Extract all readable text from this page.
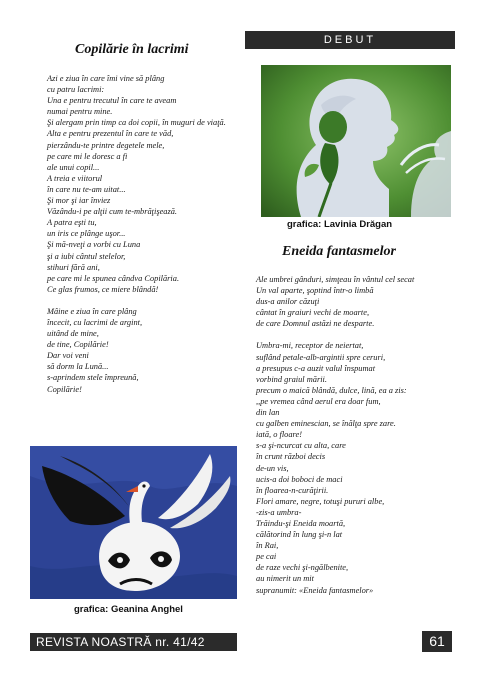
DEBUT
Copilărie în lacrimi
Azi e ziua în care îmi vine să plâng
cu patru lacrimi:
Una e pentru trecutul în care te aveam
numai pentru mine.
Şi alergam prin timp ca doi copii, în muguri de viaţă.
Alta e pentru prezentul în care te văd,
pierzându-te printre degetele mele,
pe care mi le doresc a fi
ale unui copil...
A treia e viitorul
în care nu te-am uitat...
Şi mor şi iar înviez
Văzându-i pe alţii cum te-mbrăţişează.
A patra eşti tu,
un iris ce plânge uşor...
Şi mă-nveţi a vorbi cu Luna
şi a iubi cântul stelelor,
stihuri fără ani,
pe care mi le spunea cândva Copilăria.
Ce glas frumos, ce miere blândă!
Mâine e ziua în care plâng
încecit, cu lacrimi de argint,
uitând de mine,
de tine, Copilărie!
Dar voi veni
să dorm la Lună...
s-aprindem stele împreună,
Copilărie!
grafica: Lavinia Drăgan
Eneida fantasmelor
Ale umbrei gânduri, simţeau în vântul cel secat
Un val aparte, şoptind într-o limbă
dus-a anilor căzuţi
cântat în graiuri vechi de moarte,
de care Domnul astăzi ne desparte.
Umbra-mi, receptor de neiertat,
suflând petale-alb-argintii spre ceruri,
a presupus c-a auzit valul înspumat
vorbind graiul mării.
precum o maică blândă, dulce, lină, ea a zis:
,,pe vremea când aerul era doar fum,
din lan
cu galben eminescian, se înălţa spre zare.
iată, o floare!
s-a şi-ncurcat cu alta, care
în crunt război decis
de-un vis,
ucis-a doi boboci de maci
în floarea-n-curăţirii.
Flori amare, negre, totuşi pururi albe,
-zis-a umbra-
Trăindu-şi Eneida moartă,
călătorind în lung şi-n lat
în Rai,
pe cai
de raze vechi şi-ngălbenite,
au nimerit un mit
supranumit: «Eneida fantasmelor»
grafica: Geanina Anghel
REVISTA NOASTRĂ nr. 41/42	61
